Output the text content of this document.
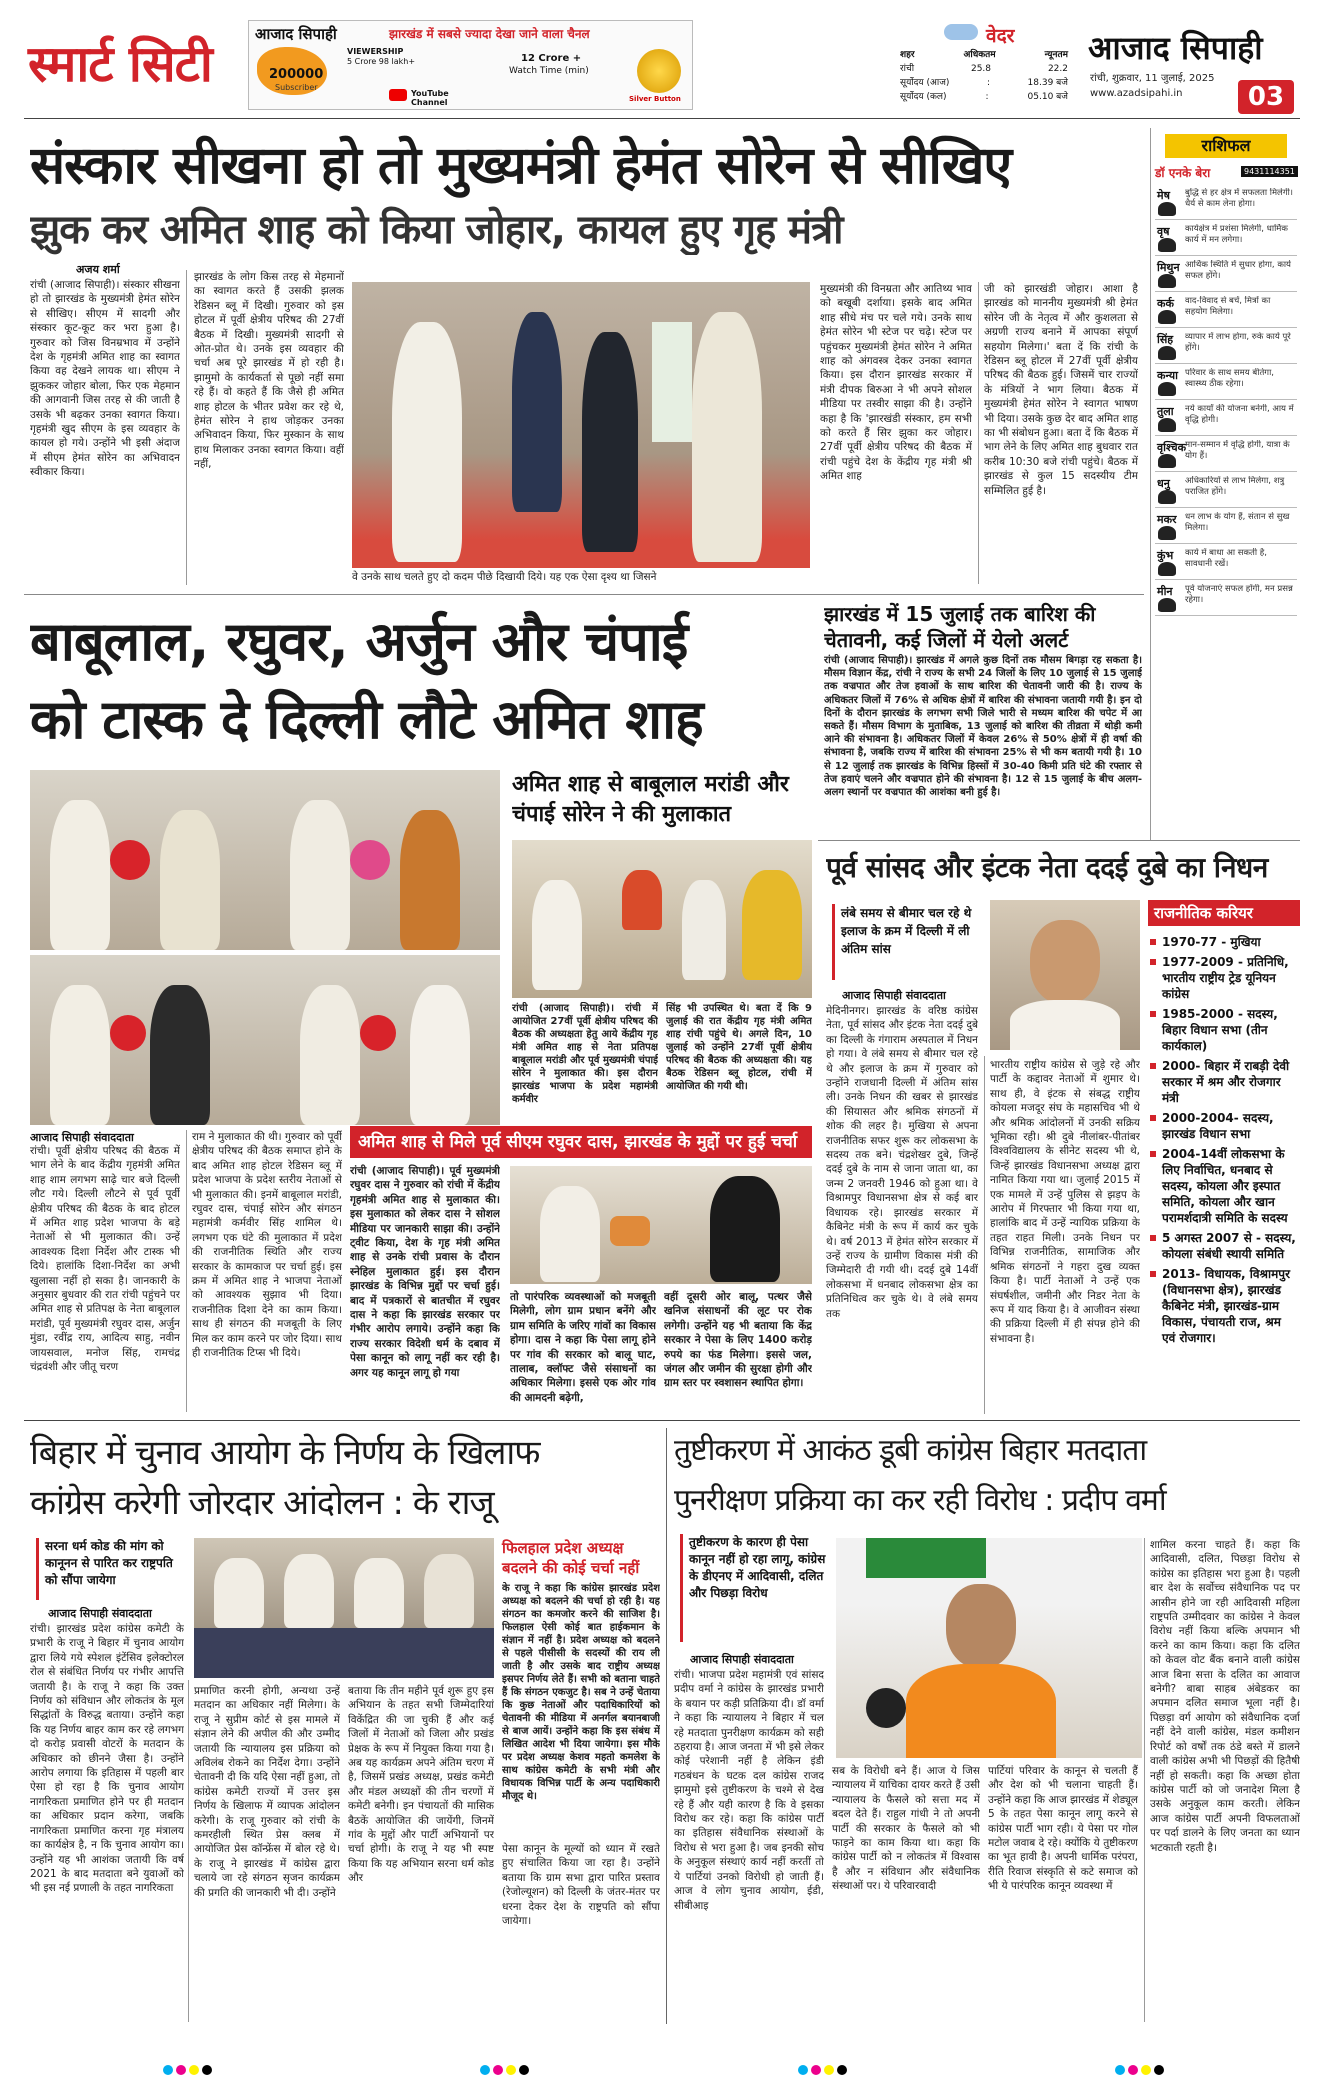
स्मार्ट सिटी
आजाद सिपाही	झारखंड में सबसे ज्यादा देखा जाने वाला चैनल
200000
Subscriber
VIEWERSHIP
5 Crore 98 lakh+	12 Crore +
Watch Time (min)
YouTube Channel	Silver Button
वेदर
शहर	अधिकतम	न्यूनतम
रांची	25.8	22.2
सूर्योदय (आज)	:	18.39 बजे
सूर्योदय (कल)	:	05.10 बजे
आजाद सिपाही
रांची, शुक्रवार, 11 जुलाई, 2025
www.azadsipahi.in	03
संस्कार सीखना हो तो मुख्यमंत्री हेमंत सोरेन से सीखिए
झुक कर अमित शाह को किया जोहार, कायल हुए गृह मंत्री
अजय शर्मा
रांची (आजाद सिपाही)। संस्कार सीखना हो तो झारखंड के मुख्यमंत्री हेमंत सोरेन से सीखिए। सीएम में सादगी और संस्कार कूट-कूट कर भरा हुआ है। गुरुवार को जिस विनम्रभाव में उन्होंने देश के गृहमंत्री अमित शाह का स्वागत किया वह देखने लायक था। सीएम ने झुककर जोहार बोला, फिर एक मेहमान की आगवानी जिस तरह से की जाती है उसके भी बढ़कर उनका स्वागत किया। गृहमंत्री खुद सीएम के इस व्यवहार के कायल हो गये। उन्होंने भी इसी अंदाज में सीएम हेमंत सोरेन का अभिवादन स्वीकार किया।
झारखंड के लोग किस तरह से मेहमानों का स्वागत करते हैं उसकी झलक रेडिसन ब्लू में दिखी। गुरुवार को इस होटल में पूर्वी क्षेत्रीय परिषद की 27वीं बैठक में दिखी। मुख्यमंत्री सादगी से ओत-प्रोत थे। उनके इस व्यवहार की चर्चा अब पूरे झारखंड में हो रही है। झामुमो के कार्यकर्ता से पूछो नहीं समा रहे हैं। वो कहते हैं कि जैसे ही अमित शाह होटल के भीतर प्रवेश कर रहे थे, हेमंत सोरेन ने हाथ जोड़कर उनका अभिवादन किया, फिर मुस्कान के साथ हाथ मिलाकर उनका स्वागत किया। वहीं नहीं,
वे उनके साथ चलते हुए दो कदम पीछे दिखायी दिये। यह एक ऐसा दृश्य था जिसने
मुख्यमंत्री की विनम्रता और आतिथ्य भाव को बखूबी दर्शाया। इसके बाद अमित शाह सीधे मंच पर चले गये। उनके साथ हेमंत सोरेन भी स्टेज पर चढ़े। स्टेज पर पहुंचकर मुख्यमंत्री हेमंत सोरेन ने अमित शाह को अंगवस्त्र देकर उनका स्वागत किया। इस दौरान झारखंड सरकार में मंत्री दीपक बिरुआ ने भी अपने सोशल मीडिया पर तस्वीर साझा की है। उन्होंने कहा है कि 'झारखंडी संस्कार, हम सभी को करते हैं सिर झुका कर जोहार। 27वीं पूर्वी क्षेत्रीय परिषद की बैठक में रांची पहुंचे देश के केंद्रीय गृह मंत्री श्री अमित शाह
जी को झारखंडी जोहार। आशा है झारखंड को माननीय मुख्यमंत्री श्री हेमंत सोरेन जी के नेतृत्व में और कुशलता से अग्रणी राज्य बनाने में आपका संपूर्ण सहयोग मिलेगा।' बता दें कि रांची के रेडिसन ब्लू होटल में 27वीं पूर्वी क्षेत्रीय परिषद की बैठक हुई। जिसमें चार राज्यों के मंत्रियों ने भाग लिया। बैठक में मुख्यमंत्री हेमंत सोरेन ने स्वागत भाषण भी दिया। उसके कुछ देर बाद अमित शाह का भी संबोधन हुआ। बता दें कि बैठक में भाग लेने के लिए अमित शाह बुधवार रात करीब 10:30 बजे रांची पहुंचे। बैठक में झारखंड से कुल 15 सदस्यीय टीम सम्मिलित हुई है।
राशिफल
डॉ एनके बेरा	9431114351
मेष	बुद्धि से हर क्षेत्र में सफलता मिलेगी। धैर्य से काम लेना होगा।
वृष	कार्यक्षेत्र में प्रशंसा मिलेगी, धार्मिक कार्य में मन लगेगा।
मिथुन आर्थिक स्थिति में सुधार होगा, कार्य सफल होंगे।
कर्क	वाद-विवाद से बचें, मित्रों का सहयोग मिलेगा।
सिंह	व्यापार में लाभ होगा, रुके कार्य पूरे होंगे।
कन्या परिवार के साथ समय बीतेगा, स्वास्थ्य ठीक रहेगा।
तुला	नये कार्यों की योजना बनेगी, आय में वृद्धि होगी।
वृश्चिक
मान-सम्मान में वृद्धि होगी, यात्रा के योग हैं।
धनु	अधिकारियों से लाभ मिलेगा, शत्रु पराजित होंगे।
मकर धन लाभ के योग हैं, संतान से सुख मिलेगा।
कुंभ	कार्य में बाधा आ सकती है, सावधानी रखें।
मीन	पूर्व योजनाएं सफल होंगी, मन प्रसन्न रहेगा।
बाबूलाल, रघुवर, अर्जुन और चंपाई
को टास्क दे दिल्ली लौटे अमित शाह
अमित शाह से बाबूलाल मरांडी और चंपाई सोरेन ने की मुलाकात
रांची (आजाद सिपाही)। रांची में आयोजित 27वीं पूर्वी क्षेत्रीय परिषद की बैठक की अध्यक्षता हेतु आये केंद्रीय गृह मंत्री अमित शाह से नेता प्रतिपक्ष बाबूलाल मरांडी और पूर्व मुख्यमंत्री चंपाई सोरेन ने मुलाकात की। इस दौरान झारखंड भाजपा के प्रदेश महामंत्री कर्मवीर
सिंह भी उपस्थित थे। बता दें कि 9 जुलाई की रात केंद्रीय गृह मंत्री अमित शाह रांची पहुंचे थे। अगले दिन, 10 जुलाई को उन्होंने 27वीं पूर्वी क्षेत्रीय परिषद की बैठक की अध्यक्षता की। यह बैठक रेडिसन ब्लू होटल, रांची में आयोजित की गयी थी।
आजाद सिपाही संवाददाता
रांची। पूर्वी क्षेत्रीय परिषद की बैठक में भाग लेने के बाद केंद्रीय गृहमंत्री अमित शाह शाम लगभग साढ़े चार बजे दिल्ली लौट गये। दिल्ली लौटने से पूर्व पूर्वी क्षेत्रीय परिषद की बैठक के बाद होटल में अमित शाह प्रदेश भाजपा के बड़े नेताओं से भी मुलाकात की। उन्हें आवश्यक दिशा निर्देश और टास्क भी दिये। हालांकि दिशा-निर्देश का अभी खुलासा नहीं हो सका है। जानकारी के अनुसार बुधवार की रात रांची पहुंचने पर अमित शाह से प्रतिपक्ष के नेता बाबूलाल मरांडी, पूर्व मुख्यमंत्री रघुवर दास, अर्जुन मुंडा, रवींद्र राय, आदित्य साहु, नवीन जायसवाल, मनोज सिंह, रामचंद्र चंद्रवंशी और जीतू चरण
राम ने मुलाकात की थी। गुरुवार को पूर्वी क्षेत्रीय परिषद की बैठक समाप्त होने के बाद अमित शाह होटल रेडिसन ब्लू में प्रदेश भाजपा के प्रदेश स्तरीय नेताओं से भी मुलाकात की। इनमें बाबूलाल मरांडी, रघुवर दास, चंपाई सोरेन और संगठन महामंत्री कर्मवीर सिंह शामिल थे। लगभग एक घंटे की मुलाकात में प्रदेश की राजनीतिक स्थिति और राज्य सरकार के कामकाज पर चर्चा हुई। इस क्रम में अमित शाह ने भाजपा नेताओं को आवश्यक सुझाव भी दिया। राजनीतिक दिशा देने का काम किया। साथ ही संगठन की मजबूती के लिए मिल कर काम करने पर जोर दिया। साथ ही राजनीतिक टिप्स भी दिये।
अमित शाह से मिले पूर्व सीएम रघुवर दास, झारखंड के मुद्दों पर हुई चर्चा
रांची (आजाद सिपाही)। पूर्व मुख्यमंत्री रघुवर दास ने गुरुवार को रांची में केंद्रीय गृहमंत्री अमित शाह से मुलाकात की। इस मुलाकात को लेकर दास ने सोशल मीडिया पर जानकारी साझा की। उन्होंने ट्वीट किया, देश के गृह मंत्री अमित शाह से उनके रांची प्रवास के दौरान स्नेहिल मुलाकात हुई। इस दौरान झारखंड के विभिन्न मुद्दों पर चर्चा हुई। बाद में पत्रकारों से बातचीत में रघुवर दास ने कहा कि झारखंड सरकार पर गंभीर आरोप लगाये। उन्होंने कहा कि राज्य सरकार विदेशी धर्म के दबाव में पेसा कानून को लागू नहीं कर रही है। अगर यह कानून लागू हो गया
तो पारंपरिक व्यवस्थाओं को मजबूती मिलेगी, लोग ग्राम प्रधान बनेंगे और ग्राम समिति के जरिए गांवों का विकास होगा। दास ने कहा कि पेसा लागू होने पर गांव की सरकार को बालू घाट, तालाब, क्लॉफ्ट जैसे संसाधनों का अधिकार मिलेगा। इससे एक ओर गांव की आमदनी बढ़ेगी,
वहीं दूसरी ओर बालू, पत्थर जैसे खनिज संसाधनों की लूट पर रोक लगेगी। उन्होंने यह भी बताया कि केंद्र सरकार ने पेसा के लिए 1400 करोड़ रुपये का फंड मिलेगा। इससे जल, जंगल और जमीन की सुरक्षा होगी और ग्राम स्तर पर स्वशासन स्थापित होगा।
झारखंड में 15 जुलाई तक बारिश की
चेतावनी, कई जिलों में येलो अलर्ट
रांची (आजाद सिपाही)। झारखंड में अगले कुछ दिनों तक मौसम बिगड़ा रह सकता है। मौसम विज्ञान केंद्र, रांची ने राज्य के सभी 24 जिलों के लिए 10 जुलाई से 15 जुलाई तक वज्रपात और तेज हवाओं के साथ बारिश की चेतावनी जारी की है। राज्य के अधिकतर जिलों में 76% से अधिक क्षेत्रों में बारिश की संभावना जतायी गयी है। इन दो दिनों के दौरान झारखंड के लगभग सभी जिले भारी से मध्यम बारिश की चपेट में आ सकते हैं। मौसम विभाग के मुताबिक, 13 जुलाई को बारिश की तीव्रता में थोड़ी कमी आने की संभावना है। अधिकतर जिलों में केवल 26% से 50% क्षेत्रों में ही वर्षा की संभावना है, जबकि राज्य में बारिश की संभावना 25% से भी कम बतायी गयी है। 10 से 12 जुलाई तक झारखंड के विभिन्न हिस्सों में 30-40 किमी प्रति घंटे की रफ्तार से तेज हवाएं चलने और वज्रपात होने की संभावना है। 12 से 15 जुलाई के बीच अलग-अलग स्थानों पर वज्रपात की आशंका बनी हुई है।
पूर्व सांसद और इंटक नेता ददई दुबे का निधन
लंबे समय से बीमार चल रहे थे इलाज के क्रम में दिल्ली में ली अंतिम सांस
आजाद सिपाही संवाददाता
मेदिनीनगर। झारखंड के वरिष्ठ कांग्रेस नेता, पूर्व सांसद और इंटक नेता ददई दुबे का दिल्ली के गंगाराम अस्पताल में निधन हो गया। वे लंबे समय से बीमार चल रहे थे और इलाज के क्रम में गुरुवार को उन्होंने राजधानी दिल्ली में अंतिम सांस ली। उनके निधन की खबर से झारखंड की सियासत और श्रमिक संगठनों में शोक की लहर है। मुखिया से अपना राजनीतिक सफर शुरू कर लोकसभा के सदस्य तक बने। चंद्रशेखर दुबे, जिन्हें ददई दुबे के नाम से जाना जाता था, का जन्म 2 जनवरी 1946 को हुआ था। वे विश्रामपुर विधानसभा क्षेत्र से कई बार विधायक रहे। झारखंड सरकार में कैबिनेट मंत्री के रूप में कार्य कर चुके थे। वर्ष 2013 में हेमंत सोरेन सरकार में उन्हें राज्य के ग्रामीण विकास मंत्री की जिम्मेदारी दी गयी थी। ददई दुबे 14वीं लोकसभा में धनबाद लोकसभा क्षेत्र का प्रतिनिधित्व कर चुके थे। वे लंबे समय तक
भारतीय राष्ट्रीय कांग्रेस से जुड़े रहे और पार्टी के कद्दावर नेताओं में शुमार थे। साथ ही, वे इंटक से संबद्ध राष्ट्रीय कोयला मजदूर संघ के महासचिव भी थे और श्रमिक आंदोलनों में उनकी सक्रिय भूमिका रही। श्री दुबे नीलांबर-पीतांबर विश्वविद्यालय के सीनेट सदस्य भी थे, जिन्हें झारखंड विधानसभा अध्यक्ष द्वारा नामित किया गया था। जुलाई 2015 में एक मामले में उन्हें पुलिस से झड़प के आरोप में गिरफ्तार भी किया गया था, हालांकि बाद में उन्हें न्यायिक प्रक्रिया के तहत राहत मिली। उनके निधन पर विभिन्न राजनीतिक, सामाजिक और श्रमिक संगठनों ने गहरा दुख व्यक्त किया है। पार्टी नेताओं ने उन्हें एक संघर्षशील, जमीनी और निडर नेता के रूप में याद किया है। वे आजीवन संस्था की प्रक्रिया दिल्ली में ही संपन्न होने की संभावना है।
राजनीतिक करियर
1970-77 - मुखिया
1977-2009 - प्रतिनिधि, भारतीय राष्ट्रीय ट्रेड यूनियन कांग्रेस
1985-2000 - सदस्य, बिहार विधान सभा (तीन कार्यकाल)
2000- बिहार में राबड़ी देवी सरकार में श्रम और रोजगार मंत्री
2000-2004- सदस्य, झारखंड विधान सभा
2004-14वीं लोकसभा के लिए निर्वाचित, धनबाद से सदस्य, कोयला और इस्पात समिति, कोयला और खान परामर्शदात्री समिति के सदस्य
5 अगस्त 2007 से - सदस्य, कोयला संबंधी स्थायी समिति
2013- विधायक, विश्रामपुर (विधानसभा क्षेत्र), झारखंड कैबिनेट मंत्री, झारखंड-ग्राम विकास, पंचायती राज, श्रम एवं रोजगार।
बिहार में चुनाव आयोग के निर्णय के खिलाफ
कांग्रेस करेगी जोरदार आंदोलन : के राजू
सरना धर्म कोड की मांग को कानूनन से पारित कर राष्ट्रपति को सौंपा जायेगा
आजाद सिपाही संवाददाता
रांची। झारखंड प्रदेश कांग्रेस कमेटी के प्रभारी के राजू ने बिहार में चुनाव आयोग द्वारा लिये गये स्पेशल इंटेंसिव इलेक्टोरल रोल से संबंधित निर्णय पर गंभीर आपत्ति जतायी है। के राजू ने कहा कि उक्त निर्णय को संविधान और लोकतंत्र के मूल सिद्धांतों के विरुद्ध बताया। उन्होंने कहा कि यह निर्णय बाहर काम कर रहे लगभग दो करोड़ प्रवासी वोटरों के मतदान के अधिकार को छीनने जैसा है। उन्होंने आरोप लगाया कि इतिहास में पहली बार ऐसा हो रहा है कि चुनाव आयोग नागरिकता प्रमाणित होने पर ही मतदान का अधिकार प्रदान करेगा, जबकि नागरिकता प्रमाणित करना गृह मंत्रालय का कार्यक्षेत्र है, न कि चुनाव आयोग का। उन्होंने यह भी आशंका जतायी कि वर्ष 2021 के बाद मतदाता बने युवाओं को भी इस नई प्रणाली के तहत नागरिकता
प्रमाणित करनी होगी, अन्यथा उन्हें मतदान का अधिकार नहीं मिलेगा। के राजू ने सुप्रीम कोर्ट से इस मामले में संज्ञान लेने की अपील की और उम्मीद जतायी कि न्यायालय इस प्रक्रिया को अविलंब रोकने का निर्देश देगा। उन्होंने चेतावनी दी कि यदि ऐसा नहीं हुआ, तो कांग्रेस कमेटी राज्यों में उत्तर इस निर्णय के खिलाफ में व्यापक आंदोलन करेगी। के राजू गुरुवार को रांची के कमरहीली स्थित प्रेस क्लब में आयोजित प्रेस कॉन्फ्रेंस में बोल रहे थे। के राजू ने झारखंड में कांग्रेस द्वारा चलाये जा रहे संगठन सृजन कार्यक्रम की प्रगति की जानकारी भी दी। उन्होंने
बताया कि तीन महीने पूर्व शुरू हुए इस अभियान के तहत सभी जिम्मेदारियां विकेंद्रित की जा चुकी हैं और कई जिलों में नेताओं को जिला और प्रखंड प्रेक्षक के रूप में नियुक्त किया गया है। अब यह कार्यक्रम अपने अंतिम चरण में है, जिसमें प्रखंड अध्यक्ष, प्रखंड कमेटी और मंडल अध्यक्षों की तीन चरणों में कमेटी बनेगी। इन पंचायतों की मासिक बैठकें आयोजित की जायेंगी, जिनमें गांव के मुद्दों और पार्टी अभियानों पर चर्चा होगी। के राजू ने यह भी स्पष्ट किया कि यह अभियान सरना धर्म कोड और
फिलहाल प्रदेश अध्यक्ष बदलने की कोई चर्चा नहीं
के राजू ने कहा कि कांग्रेस झारखंड प्रदेश अध्यक्ष को बदलने की चर्चा हो रही है। यह संगठन का कमजोर करने की साजिश है। फिलहाल ऐसी कोई बात हाईकमान के संज्ञान में नहीं है। प्रदेश अध्यक्ष को बदलने से पहले पीसीसी के सदस्यों की राय ली जाती है और उसके बाद राष्ट्रीय अध्यक्ष इसपर निर्णय लेते हैं। सभी को बताना चाहते हैं कि संगठन एकजुट है। सब ने उन्हें चेताया कि कुछ नेताओं और पदाधिकारियों को चेतावनी की मीडिया में अनर्गल बयानबाजी से बाज आयें। उन्होंने कहा कि इस संबंध में लिखित आदेश भी दिया जायेगा। इस मौके पर प्रदेश अध्यक्ष केशव महतो कमलेश के साथ कांग्रेस कमेटी के सभी मंत्री और विधायक विभिन्न पार्टी के अन्य पदाधिकारी मौजूद थे।
पेसा कानून के मूल्यों को ध्यान में रखते हुए संचालित किया जा रहा है। उन्होंने बताया कि ग्राम सभा द्वारा पारित प्रस्ताव (रेजोल्यूशन) को दिल्ली के जंतर-मंतर पर धरना देकर देश के राष्ट्रपति को सौंपा जायेगा।
तुष्टीकरण में आकंठ डूबी कांग्रेस बिहार मतदाता
पुनरीक्षण प्रक्रिया का कर रही विरोध : प्रदीप वर्मा
तुष्टीकरण के कारण ही पेसा कानून नहीं हो रहा लागू, कांग्रेस के डीएनए में आदिवासी, दलित और पिछड़ा विरोध
आजाद सिपाही संवाददाता
रांची। भाजपा प्रदेश महामंत्री एवं सांसद प्रदीप वर्मा ने कांग्रेस के झारखंड प्रभारी के बयान पर कड़ी प्रतिक्रिया दी। डॉ वर्मा ने कहा कि न्यायालय ने बिहार में चल रहे मतदाता पुनरीक्षण कार्यक्रम को सही ठहराया है। आज जनता में भी इसे लेकर कोई परेशानी नहीं है लेकिन इंडी गठबंधन के घटक दल कांग्रेस राजद झामुमो इसे तुष्टीकरण के चश्मे से देख रहे हैं और यही कारण है कि वे इसका विरोध कर रहे। कहा कि कांग्रेस पार्टी का इतिहास संवैधानिक संस्थाओं के विरोध से भरा हुआ है। जब इनकी सोच के अनुकूल संस्थाएं कार्य नहीं करतीं तो ये पार्टियां उनको विरोधी हो जाती हैं। आज वे लोग चुनाव आयोग, ईडी, सीबीआइ
सब के विरोधी बने हैं। आज ये जिस न्यायालय में याचिका दायर करते हैं उसी न्यायालय के फैसले को सत्ता मद में बदल देते हैं। राहुल गांधी ने तो अपनी पार्टी की सरकार के फैसले को भी फाड़ने का काम किया था। कहा कि कांग्रेस पार्टी को न लोकतंत्र में विश्वास है और न संविधान और संवैधानिक संस्थाओं पर। ये परिवारवादी
पार्टियां परिवार के कानून से चलती हैं और देश को भी चलाना चाहती हैं। उन्होंने कहा कि आज झारखंड में शेड्यूल 5 के तहत पेसा कानून लागू करने से कांग्रेस पार्टी भाग रही। ये पेसा पर गोल मटोल जवाब दे रहे। क्योंकि ये तुष्टीकरण का भूत हावी है। अपनी धार्मिक परंपरा, रीति रिवाज संस्कृति से कटे समाज को भी ये पारंपरिक कानून व्यवस्था में
शामिल करना चाहते हैं। कहा कि आदिवासी, दलित, पिछड़ा विरोध से कांग्रेस का इतिहास भरा हुआ है। पहली बार देश के सर्वोच्च संवैधानिक पद पर आसीन होने जा रही आदिवासी महिला राष्ट्रपति उम्मीदवार का कांग्रेस ने केवल विरोध नहीं किया बल्कि अपमान भी करने का काम किया। कहा कि दलित को केवल वोट बैंक बनाने वाली कांग्रेस आज बिना सत्ता के दलित का आवाज बनेगी? बाबा साहब अंबेडकर का अपमान दलित समाज भूला नहीं है। पिछड़ा वर्ग आयोग को संवैधानिक दर्जा नहीं देने वाली कांग्रेस, मंडल कमीशन रिपोर्ट को वर्षों तक ठंडे बस्ते में डालने वाली कांग्रेस अभी भी पिछड़ों की हितैषी नहीं हो सकती। कहा कि अच्छा होता कांग्रेस पार्टी को जो जनादेश मिला है उसके अनुकूल काम करती। लेकिन आज कांग्रेस पार्टी अपनी विफलताओं पर पर्दा डालने के लिए जनता का ध्यान भटकाती रहती है।
